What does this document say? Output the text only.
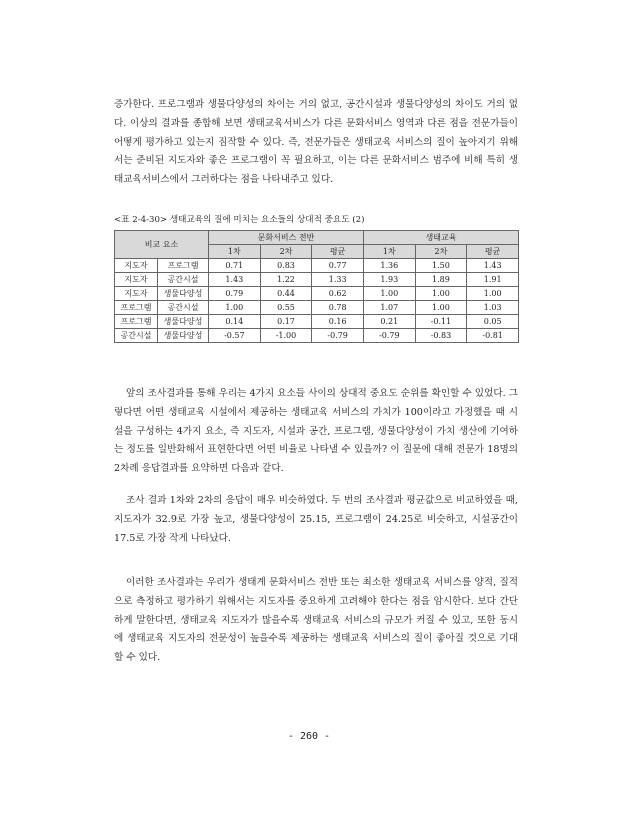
증가한다. 프로그램과 생물다양성의 차이는 거의 없고, 공간시설과 생물다양성의 차이도 거의 없다. 이상의 결과를 종합해 보면 생태교육서비스가 다른 문화서비스 영역과 다른 점을 전문가들이 어떻게 평가하고 있는지 짐작할 수 있다. 즉, 전문가들은 생태교육 서비스의 질이 높아지기 위해서는 준비된 지도자와 좋은 프로그램이 꼭 필요하고, 이는 다른 문화서비스 범주에 비해 특히 생태교육서비스에서 그러하다는 점을 나타내주고 있다.

<표 2-4-30> 생태교육의 질에 미치는 요소들의 상대적 중요도 (2)

비교 요소		문화서비스 전반			생태교육		
		1차	2차	평균	1차	2차	평균
지도자	프로그램	0.71	0.83	0.77	1.36	1.50	1.43
지도자	공간시설	1.43	1.22	1.33	1.93	1.89	1.91
지도자	생물다양성	0.79	0.44	0.62	1.00	1.00	1.00
프로그램	공간시설	1.00	0.55	0.78	1.07	1.00	1.03
프로그램	생물다양성	0.14	0.17	0.16	0.21	-0.11	0.05
공간시설	생물다양성	-0.57	-1.00	-0.79	-0.79	-0.83	-0.81

앞의 조사결과를 통해 우리는 4가지 요소들 사이의 상대적 중요도 순위를 확인할 수 있었다. 그렇다면 어떤 생태교육 시설에서 제공하는 생태교육 서비스의 가치가 100이라고 가정했을 때 시설을 구성하는 4가지 요소, 즉 지도자, 시설과 공간, 프로그램, 생물다양성이 가치 생산에 기여하는 정도를 일반화해서 표현한다면 어떤 비율로 나타낼 수 있을까? 이 질문에 대해 전문가 18명의 2차례 응답결과를 요약하면 다음과 같다.

조사 결과 1차와 2차의 응답이 매우 비슷하였다. 두 번의 조사결과 평균값으로 비교하였을 때, 지도자가 32.9로 가장 높고, 생물다양성이 25.15, 프로그램이 24.25로 비슷하고, 시설공간이 17.5로 가장 작게 나타났다.

이러한 조사결과는 우리가 생태계 문화서비스 전반 또는 최소한 생태교육 서비스를 양적, 질적으로 측정하고 평가하기 위해서는 지도자를 중요하게 고려해야 한다는 점을 암시한다. 보다 간단하게 말한다면, 생태교육 지도자가 많을수록 생태교육 서비스의 규모가 커질 수 있고, 또한 동시에 생태교육 지도자의 전문성이 높을수록 제공하는 생태교육 서비스의 질이 좋아질 것으로 기대할 수 있다.

- 260 -
